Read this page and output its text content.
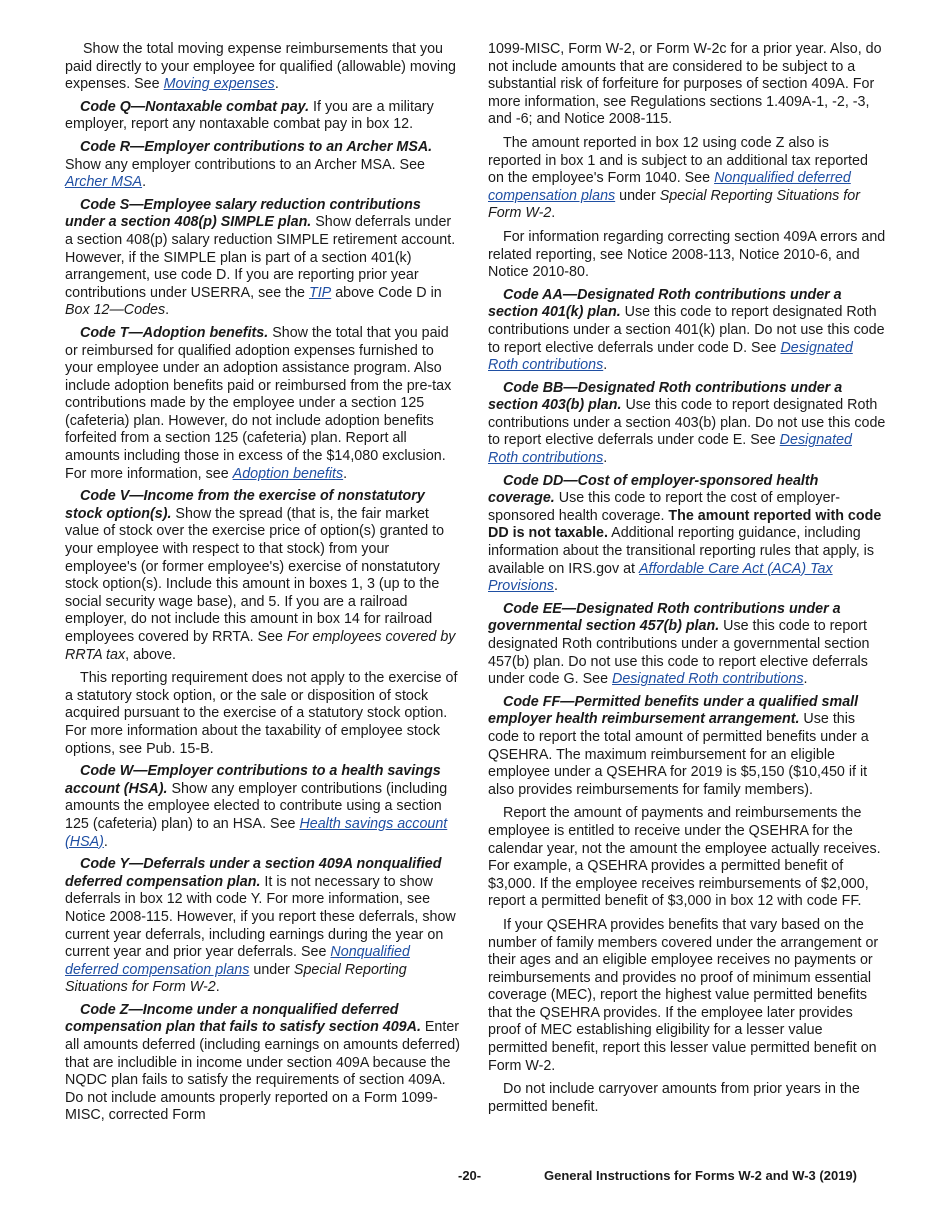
Show the total moving expense reimbursements that you paid directly to your employee for qualified (allowable) moving expenses. See Moving expenses.

Code Q—Nontaxable combat pay. If you are a military employer, report any nontaxable combat pay in box 12.

Code R—Employer contributions to an Archer MSA. Show any employer contributions to an Archer MSA. See Archer MSA.

Code S—Employee salary reduction contributions under a section 408(p) SIMPLE plan. Show deferrals under a section 408(p) salary reduction SIMPLE retirement account. However, if the SIMPLE plan is part of a section 401(k) arrangement, use code D. If you are reporting prior year contributions under USERRA, see the TIP above Code D in Box 12—Codes.

Code T—Adoption benefits. Show the total that you paid or reimbursed for qualified adoption expenses furnished to your employee under an adoption assistance program. Also include adoption benefits paid or reimbursed from the pre-tax contributions made by the employee under a section 125 (cafeteria) plan. However, do not include adoption benefits forfeited from a section 125 (cafeteria) plan. Report all amounts including those in excess of the $14,080 exclusion. For more information, see Adoption benefits.

Code V—Income from the exercise of nonstatutory stock option(s). Show the spread (that is, the fair market value of stock over the exercise price of option(s) granted to your employee with respect to that stock) from your employee's (or former employee's) exercise of nonstatutory stock option(s). Include this amount in boxes 1, 3 (up to the social security wage base), and 5. If you are a railroad employer, do not include this amount in box 14 for railroad employees covered by RRTA. See For employees covered by RRTA tax, above.

This reporting requirement does not apply to the exercise of a statutory stock option, or the sale or disposition of stock acquired pursuant to the exercise of a statutory stock option. For more information about the taxability of employee stock options, see Pub. 15-B.

Code W—Employer contributions to a health savings account (HSA). Show any employer contributions (including amounts the employee elected to contribute using a section 125 (cafeteria) plan) to an HSA. See Health savings account (HSA).

Code Y—Deferrals under a section 409A nonqualified deferred compensation plan. It is not necessary to show deferrals in box 12 with code Y. For more information, see Notice 2008-115. However, if you report these deferrals, show current year deferrals, including earnings during the year on current year and prior year deferrals. See Nonqualified deferred compensation plans under Special Reporting Situations for Form W-2.

Code Z—Income under a nonqualified deferred compensation plan that fails to satisfy section 409A. Enter all amounts deferred (including earnings on amounts deferred) that are includible in income under section 409A because the NQDC plan fails to satisfy the requirements of section 409A. Do not include amounts properly reported on a Form 1099-MISC, corrected Form

1099-MISC, Form W-2, or Form W-2c for a prior year. Also, do not include amounts that are considered to be subject to a substantial risk of forfeiture for purposes of section 409A. For more information, see Regulations sections 1.409A-1, -2, -3, and -6; and Notice 2008-115.

The amount reported in box 12 using code Z also is reported in box 1 and is subject to an additional tax reported on the employee's Form 1040. See Nonqualified deferred compensation plans under Special Reporting Situations for Form W-2.

For information regarding correcting section 409A errors and related reporting, see Notice 2008-113, Notice 2010-6, and Notice 2010-80.

Code AA—Designated Roth contributions under a section 401(k) plan. Use this code to report designated Roth contributions under a section 401(k) plan. Do not use this code to report elective deferrals under code D. See Designated Roth contributions.

Code BB—Designated Roth contributions under a section 403(b) plan. Use this code to report designated Roth contributions under a section 403(b) plan. Do not use this code to report elective deferrals under code E. See Designated Roth contributions.

Code DD—Cost of employer-sponsored health coverage. Use this code to report the cost of employer-sponsored health coverage. The amount reported with code DD is not taxable. Additional reporting guidance, including information about the transitional reporting rules that apply, is available on IRS.gov at Affordable Care Act (ACA) Tax Provisions.

Code EE—Designated Roth contributions under a governmental section 457(b) plan. Use this code to report designated Roth contributions under a governmental section 457(b) plan. Do not use this code to report elective deferrals under code G. See Designated Roth contributions.

Code FF—Permitted benefits under a qualified small employer health reimbursement arrangement. Use this code to report the total amount of permitted benefits under a QSEHRA. The maximum reimbursement for an eligible employee under a QSEHRA for 2019 is $5,150 ($10,450 if it also provides reimbursements for family members).

Report the amount of payments and reimbursements the employee is entitled to receive under the QSEHRA for the calendar year, not the amount the employee actually receives. For example, a QSEHRA provides a permitted benefit of $3,000. If the employee receives reimbursements of $2,000, report a permitted benefit of $3,000 in box 12 with code FF.

If your QSEHRA provides benefits that vary based on the number of family members covered under the arrangement or their ages and an eligible employee receives no payments or reimbursements and provides no proof of minimum essential coverage (MEC), report the highest value permitted benefits that the QSEHRA provides. If the employee later provides proof of MEC establishing eligibility for a lesser value permitted benefit, report this lesser value permitted benefit on Form W-2.

Do not include carryover amounts from prior years in the permitted benefit.

-20-	General Instructions for Forms W-2 and W-3 (2019)
